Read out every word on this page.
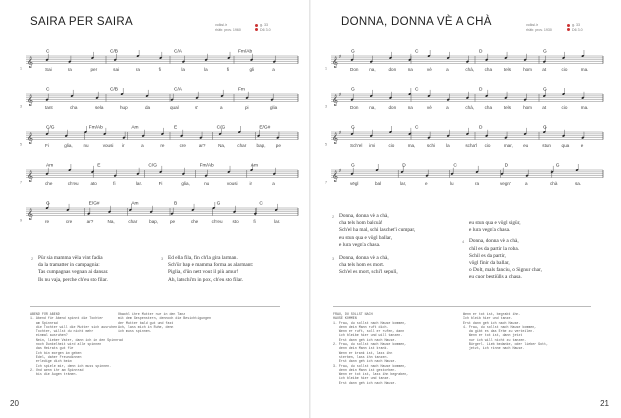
SAIRA PER SAIRA	volksl.ir
rhätr. prov. 1960
g. 33
D6 3.0
𝄞
1
C	C/B	C/A	Fm/Ab
Sai	ra	per	sai	ra	fi	la	la	fi	gli	a
𝄞
3
C	C/B	C/A	Fm
tant	cha	sela	hup	da	qual	s'	a	pi	glia
𝄞
5
C/G	Fm/Ab	Am	E	C/G	E/G#
Fi	glia, nu	vousi ir	a	re	cre	ar?	Na,	char bap, pe
𝄞
7
Am	E	C/G	Fm/Ab	Am
che	ch'eu	ato	fi	lar.	Fi	glia,	nu	vousi	ir	a
𝄞
9
G	E/G#	Am	B	G	C
re	cre	ar?	Na,	char	bap,	pe	che	ch'eu sto	fi	lar.
2 Pür sia mamma vëla vint fadia
da la tramatter in campagnia:
Tas cumpagnas vegnan ai dansar.
Ils nu vaja, perche ch'eu sto filar.
3 Ed ella fila, fin ch'la gira larman.
Sch'ür bap e mamma forma as alarmant:
Piglia, d'ün nett vout il più amur!
Ah, latschi'm in pox, ch'eu sto filar.
ABEND FÜR ABEND
1. Abend für Abend spinnt die Tochter
am Spinnrad
die Tochter will die Mutter sich ausruhen
Tochter, willst du nicht mehr
einmal ausruhen?
Nein, lieber Vater, dann ich in den Spinnrad
noch Dunkelheit wird alle spinnen
das Heirats gut für
Ich bin morgen im geben
Edel, daher Freundinnen
erledige dich beim
Ich spiele mir, denn ich muss spinnen.
2. Und wenn ihr am Spinnrad
bis die Augen tränen.
Obwohl ihre Mutter nur in den Tanz
mit dem Gespenstern, dennoch die Besichtigungen
der Mutter bald gut und fast
Ach, lass mich in Ruhe, denn
ich muss spinnen.
20
DONNA, DONNA VÈ A CHÀ	volksl.ir
rhätr. prov. 1930
g. 33
D6 3.0
𝄞
♯
1
G	C	D	G
Don na,	don	na	vè	a	chà, cha	tels	hom at	cio	ma.
𝄞
♯
3
G	C	D	G
Don na,	don	na	vè	a	chà, cha	tels	hom at	cio	ma.
𝄞
♯
5
G	C	D	G
Sch'el imi	cio	ma,	schi la	scha'l cio	mar, eu	stun qua	e
𝄞
♯
7
G	D	C	D	G
vëgl	bal	lar,	e	lu	ra	vegn'	a	chà	sa.
2 Donna, donna vè a chà,
cha tels hom balcuà!
Sch'el ha mal, schi laschet'i cumpar,
eu stun qua e vögl ballar,
e lura vegn'a chasa.
3 Donna, donna vè a chà,
cha tels hom es mort.
Sch'el es mort, schi'l sepulì,
eu stun qua e vögl sigür,
e lura vegn'a chasa.
4 Donna, donna vè a chà,
chìl es da partir la roba.
Schil es da partir,
vögl finir da ballar,
o Dolt, mals fanciu, o Signur char,
eu cuor bestiülls a chasa.
FRAU, DU SOLLST NACH
HAUSE KOMMEN
1. Frau, du sollst nach Hause kommen,
denn dein Mann ruft dich.
Wenn er ruft, soll er rufen, dann
ich bleibe hier und will tanzen.
Erst dann geh ich nach Hause.
2. Frau, du sollst nach Hause kommen,
denn dein Mann ist krank.
Wenn er krank ist, lass ihn
sterben, lass ihn tanzen.
Erst dann geh ich nach Hause.
3. Frau, du sollst nach Hause kommen,
denn dein Mann ist gestorben.
Wenn er tot ist, lass ihn begraben,
ich bleibe hier und tanze.
Erst dann geh ich nach Hause.
Wenn er tot ist, begrabt ihn.
Ich bleib hier und tanze.
Erst dann geh ich nach Hause.
4. Frau, du sollst nach Hause kommen,
da gibt es das Erbe zu verteilen.
Wenn er tot ist, dann jetzt
nur ich will nicht zu tanzen.
Bürgerl. Lieb bedanke, oder lieber Gott,
jetzt, ich rinne nach Hause.
21
